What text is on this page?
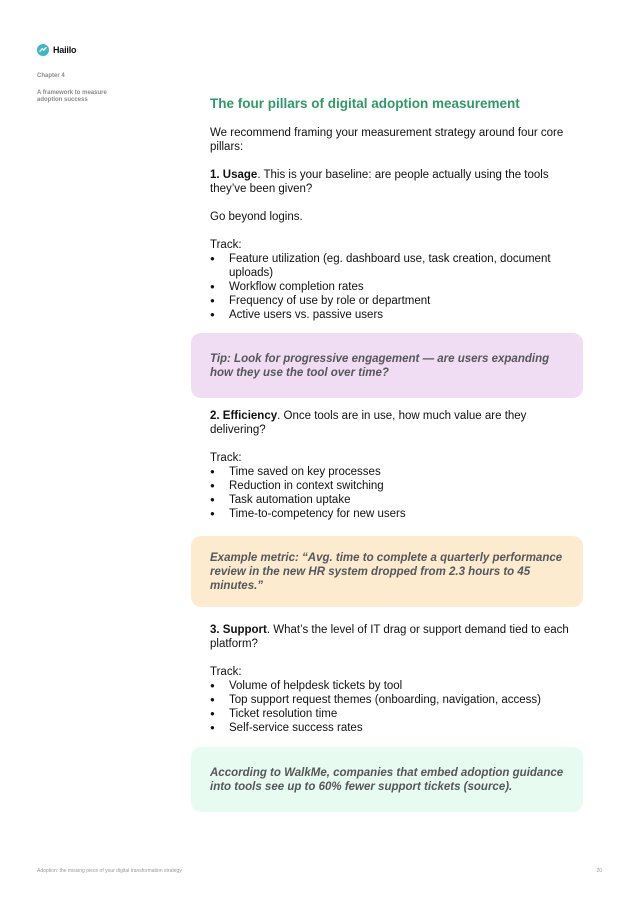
Haiilo
Chapter 4
A framework to measure adoption success	The four pillars of digital adoption measurement

We recommend framing your measurement strategy around four core pillars:

1. Usage. This is your baseline: are people actually using the tools they’ve been given?

Go beyond logins.

Track:

● Feature utilization (eg. dashboard use, task creation, document uploads)
● Workflow completion rates
● Frequency of use by role or department
● Active users vs. passive users
Tip: Look for progressive engagement — are users expanding how they use the tool over time?

2. Efficiency. Once tools are in use, how much value are they delivering?

Track:

● Time saved on key processes
● Reduction in context switching
● Task automation uptake
● Time-to-competency for new users
Example metric: “Avg. time to complete a quarterly performance review in the new HR system dropped from 2.3 hours to 45 minutes.”

3. Support. What’s the level of IT drag or support demand tied to each platform?

Track:

● Volume of helpdesk tickets by tool
● Top support request themes (onboarding, navigation, access)
● Ticket resolution time
● Self-service success rates
According to WalkMe, companies that embed adoption guidance into tools see up to 60% fewer support tickets (source).
Adoption: the missing piece of your digital transformation strategy	20
